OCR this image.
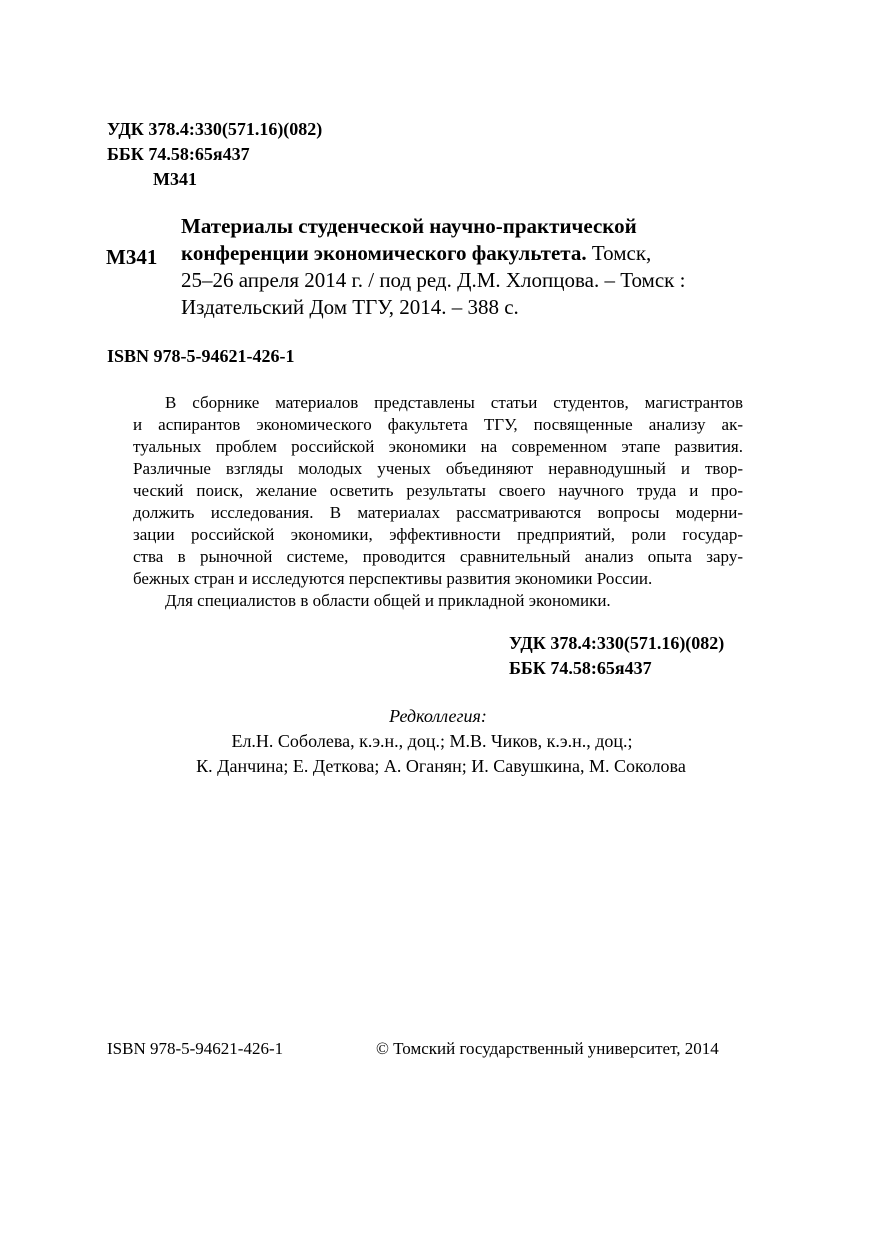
УДК 378.4:330(571.16)(082)
ББК 74.58:65я437
М341
М341
Материалы студенческой научно-практической
конференции экономического факультета. Томск,
25–26 апреля 2014 г. / под ред. Д.М. Хлопцова. – Томск :
Издательский Дом ТГУ, 2014. – 388 с.
ISBN 978-5-94621-426-1
В сборнике материалов представлены статьи студентов, магистрантов
и аспирантов экономического факультета ТГУ, посвященные анализу ак-
туальных проблем российской экономики на современном этапе развития.
Различные взгляды молодых ученых объединяют неравнодушный и твор-
ческий поиск, желание осветить результаты своего научного труда и про-
должить исследования. В материалах рассматриваются вопросы модерни-
зации российской экономики, эффективности предприятий, роли государ-
ства в рыночной системе, проводится сравнительный анализ опыта зару-
бежных стран и исследуются перспективы развития экономики России.
Для специалистов в области общей и прикладной экономики.
УДК 378.4:330(571.16)(082)
ББК 74.58:65я437
Редколлегия:
Ел.Н. Соболева, к.э.н., доц.; М.В. Чиков, к.э.н., доц.;
К. Данчина; Е. Деткова; А. Оганян; И. Савушкина, М. Соколова
ISBN 978-5-94621-426-1	© Томский государственный университет, 2014
